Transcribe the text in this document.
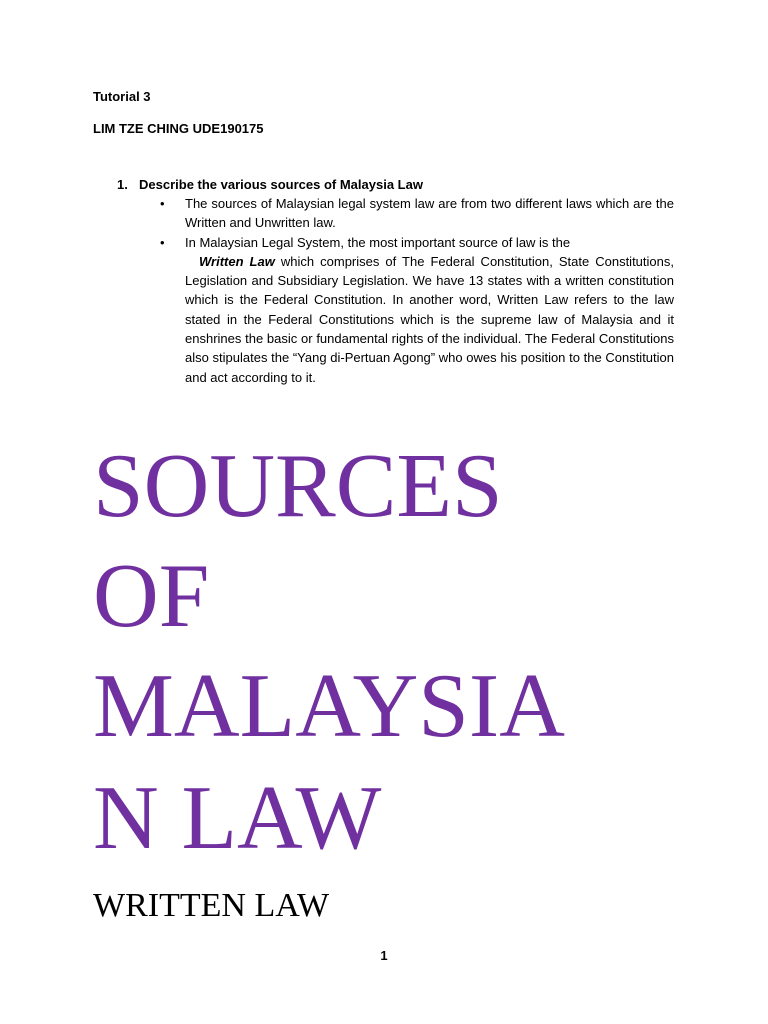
Tutorial 3

LIM TZE CHING UDE190175

1. Describe the various sources of Malaysia Law

• The sources of Malaysian legal system law are from two different laws which are the Written and Unwritten law.
• In Malaysian Legal System, the most important source of law is the
Written Law which comprises of The Federal Constitution, State Constitutions, Legislation and Subsidiary Legislation. We have 13 states with a written constitution which is the Federal Constitution. In another word, Written Law refers to the law stated in the Federal Constitutions which is the supreme law of Malaysia and it enshrines the basic or fundamental rights of the individual. The Federal Constitutions also stipulates the “Yang di-Pertuan Agong” who owes his position to the Constitution and act according to it.
SOURCES
OF
MALAYSIA
N LAW
WRITTEN LAW
1
